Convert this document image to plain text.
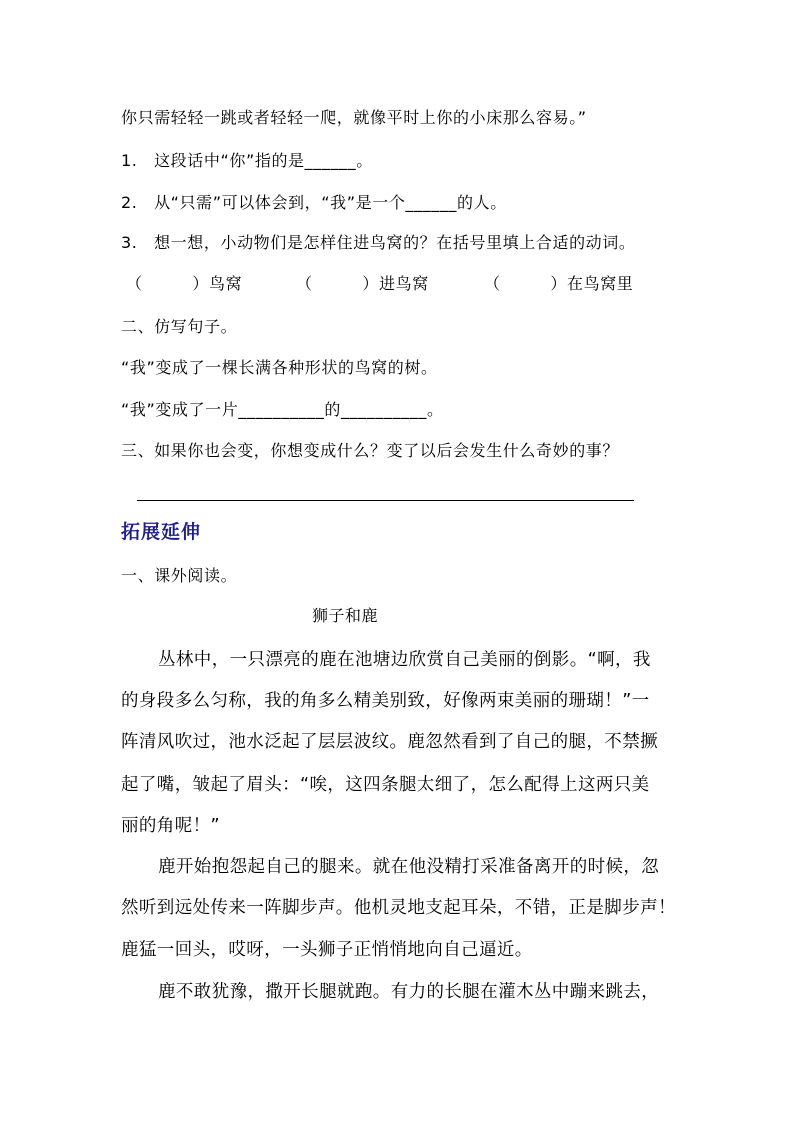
你只需轻轻一跳或者轻轻一爬，就像平时上你的小床那么容易。”
1.　这段话中“你”指的是______。
2.　从“只需”可以体会到，“我”是一个______的人。
3.　想一想，小动物们是怎样住进鸟窝的？在括号里填上合适的动词。
（　　　）鸟窝	（　　　）进鸟窝	（　　　）在鸟窝里
二、仿写句子。
“我”变成了一棵长满各种形状的鸟窝的树。
“我”变成了一片__________的__________。
三、如果你也会变，你想变成什么？变了以后会发生什么奇妙的事？
拓展延伸
一、课外阅读。
狮子和鹿
丛林中，一只漂亮的鹿在池塘边欣赏自己美丽的倒影。“啊，我
的身段多么匀称，我的角多么精美别致，好像两束美丽的珊瑚！”一
阵清风吹过，池水泛起了层层波纹。鹿忽然看到了自己的腿，不禁撅
起了嘴，皱起了眉头：“唉，这四条腿太细了，怎么配得上这两只美
丽的角呢！”
鹿开始抱怨起自己的腿来。就在他没精打采准备离开的时候，忽
然听到远处传来一阵脚步声。他机灵地支起耳朵，不错，正是脚步声！
鹿猛一回头，哎呀，一头狮子正悄悄地向自己逼近。
鹿不敢犹豫，撒开长腿就跑。有力的长腿在灌木丛中蹦来跳去，
